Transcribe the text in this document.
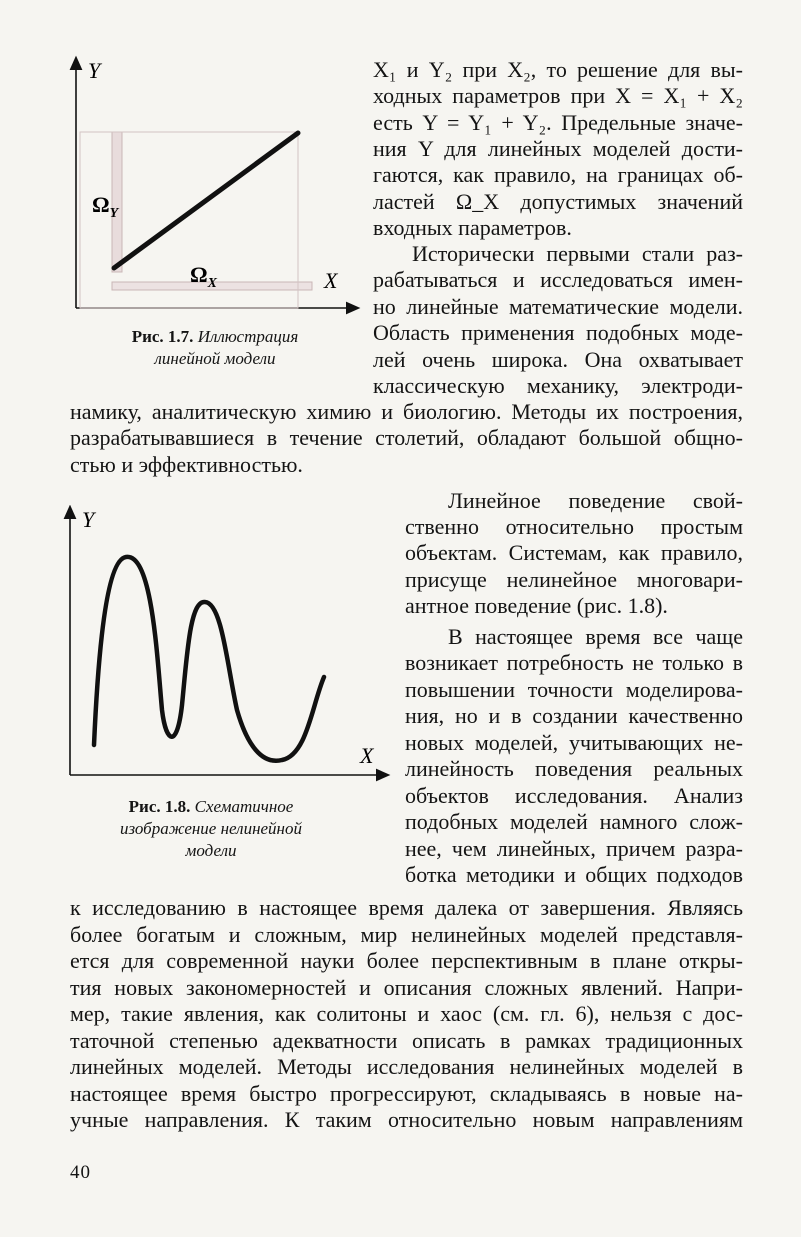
Y
X
$\Omega_Y$
$\Omega_X$
Рис. 1.7. Иллюстрация
линейной модели
Y
X
Рис. 1.8. Схематичное
изображение нелинейной
модели
X₁ и Y₂ при X₂, то решение для вы-
ходных параметров при X = X₁ + X₂
есть Y = Y₁ + Y₂. Предельные значе-
ния Y для линейных моделей дости-
гаются, как правило, на границах об-
ластей Ω_X допустимых значений
входных параметров.
Исторически первыми стали раз-
рабатываться и исследоваться имен-
но линейные математические модели.
Область применения подобных моде-
лей очень широка. Она охватывает
классическую механику, электроди-
намику, аналитическую химию и биологию. Методы их построения,
разрабатывавшиеся в течение столетий, обладают большой общно-
стью и эффективностью.
Линейное поведение свой-
ственно относительно простым
объектам. Системам, как правило,
присуще нелинейное многовари-
антное поведение (рис. 1.8).
В настоящее время все чаще
возникает потребность не только в
повышении точности моделирова-
ния, но и в создании качественно
новых моделей, учитывающих не-
линейность поведения реальных
объектов исследования. Анализ
подобных моделей намного слож-
нее, чем линейных, причем разра-
ботка методики и общих подходов
к исследованию в настоящее время далека от завершения. Являясь
более богатым и сложным, мир нелинейных моделей представля-
ется для современной науки более перспективным в плане откры-
тия новых закономерностей и описания сложных явлений. Напри-
мер, такие явления, как солитоны и хаос (см. гл. 6), нельзя с дос-
таточной степенью адекватности описать в рамках традиционных
линейных моделей. Методы исследования нелинейных моделей в
настоящее время быстро прогрессируют, складываясь в новые на-
учные направления. К таким относительно новым направлениям
40
